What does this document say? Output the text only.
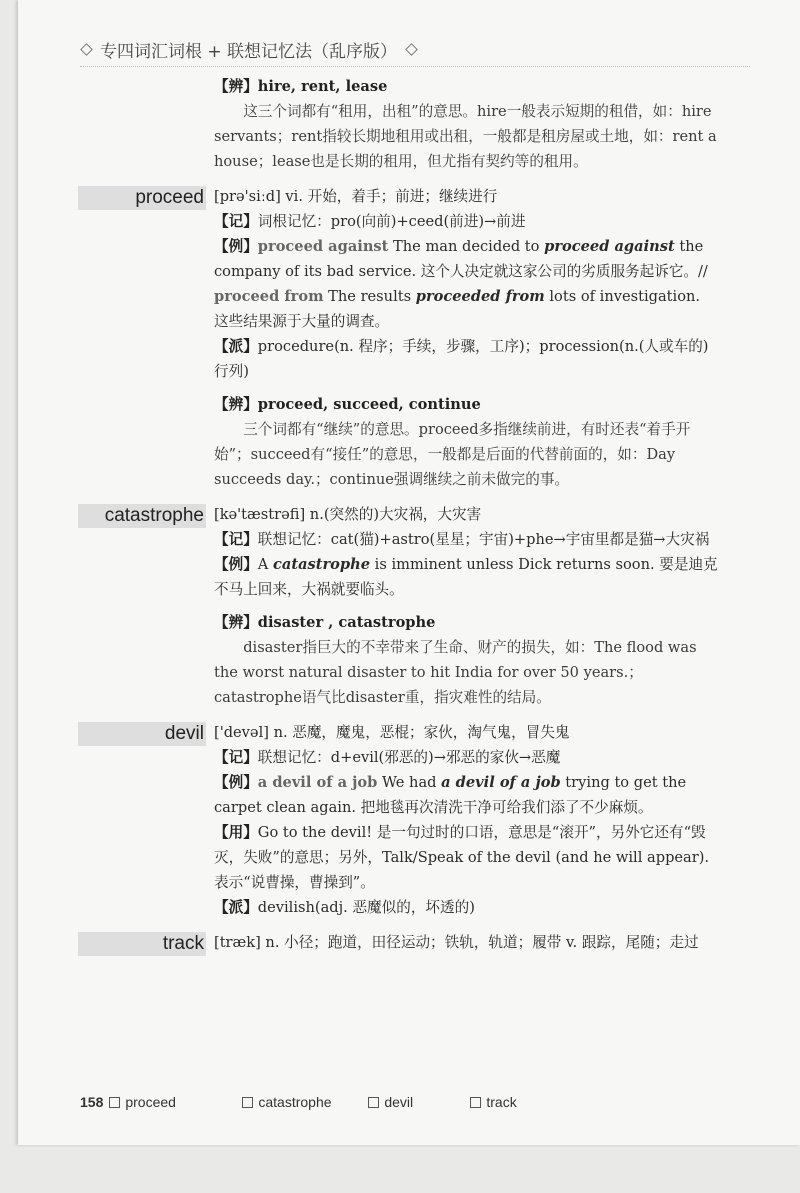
专四词汇词根 + 联想记忆法（乱序版）

【辨】hire, rent, lease

这三个词都有“租用，出租”的意思。hire一般表示短期的租借，如：hire servants；rent指较长期地租用或出租，一般都是租房屋或土地，如：rent a house；lease也是长期的租用，但尤指有契约等的租用。

proceed [prə'siːd] vi. 开始，着手；前进；继续进行

【记】词根记忆：pro(向前)+ceed(前进)→前进

【例】proceed against The man decided to proceed against the company of its bad service. 这个人决定就这家公司的劣质服务起诉它。// proceed from The results proceeded from lots of investigation. 这些结果源于大量的调查。

【派】procedure(n. 程序；手续，步骤，工序)；procession(n.(人或车的)行列)

【辨】proceed, succeed, continue

三个词都有“继续”的意思。proceed多指继续前进，有时还表“着手开始”；succeed有“接任”的意思，一般都是后面的代替前面的，如：Day succeeds day.；continue强调继续之前未做完的事。

catastrophe [kə'tæstrəfi] n.(突然的)大灾祸，大灾害

【记】联想记忆：cat(猫)+astro(星星；宇宙)+phe→宇宙里都是猫→大灾祸

【例】A catastrophe is imminent unless Dick returns soon. 要是迪克不马上回来，大祸就要临头。

【辨】disaster , catastrophe

disaster指巨大的不幸带来了生命、财产的损失，如：The flood was the worst natural disaster to hit India for over 50 years.；catastrophe语气比disaster重，指灾难性的结局。

devil ['devəl] n. 恶魔，魔鬼，恶棍；家伙，淘气鬼，冒失鬼

【记】联想记忆：d+evil(邪恶的)→邪恶的家伙→恶魔

【例】a devil of a job We had a devil of a job trying to get the carpet clean again. 把地毯再次清洗干净可给我们添了不少麻烦。

【用】Go to the devil! 是一句过时的口语，意思是“滚开”，另外它还有“毁灭，失败”的意思；另外，Talk/Speak of the devil (and he will appear). 表示“说曹操，曹操到”。

【派】devilish(adj. 恶魔似的，坏透的)

track [træk] n. 小径；跑道，田径运动；铁轨，轨道；履带 v. 跟踪，尾随；走过

158 proceed	catastrophe	devil	track
